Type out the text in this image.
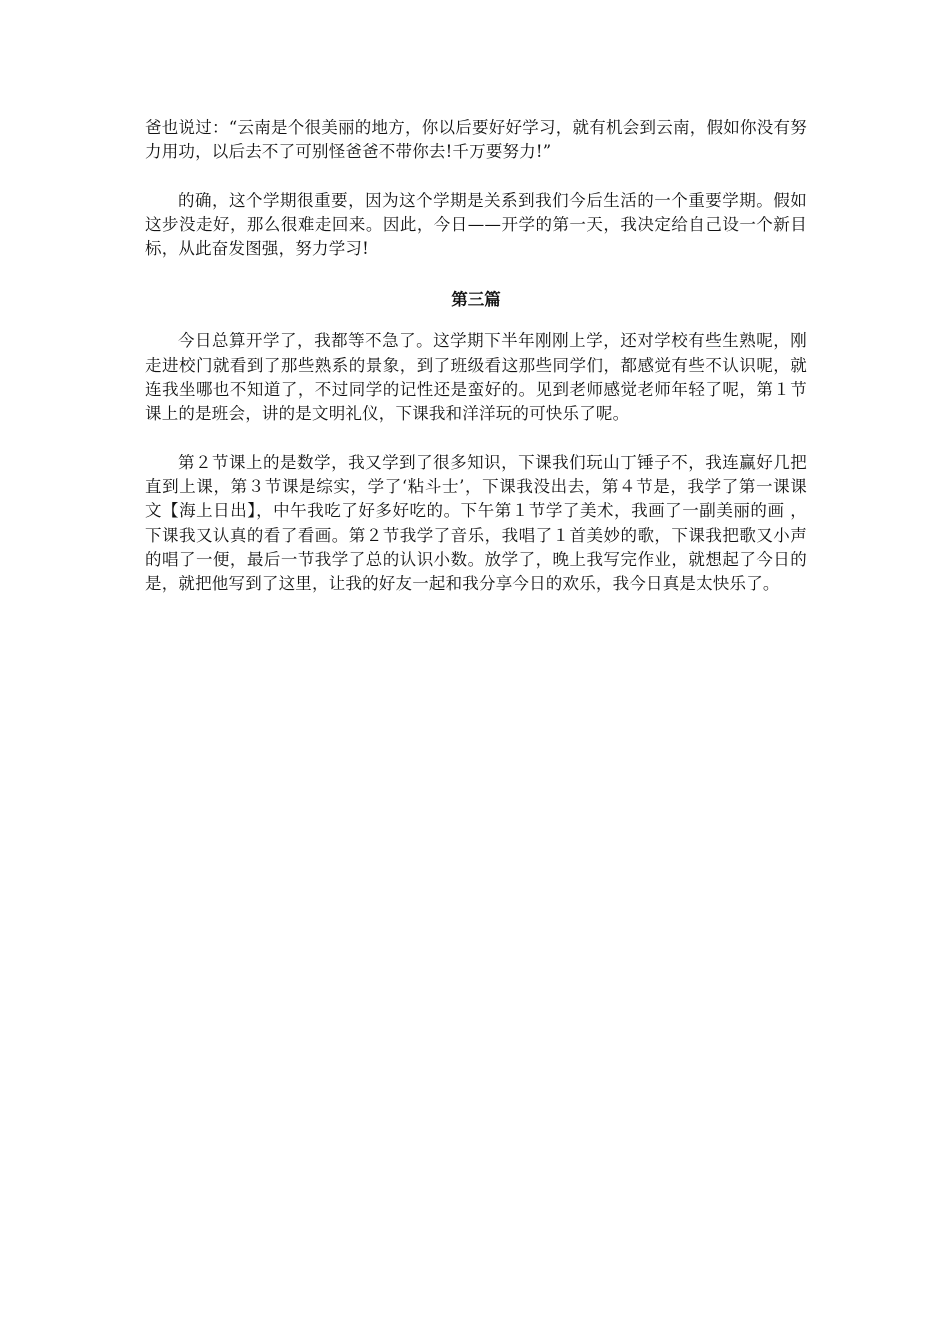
爸也说过：“云南是个很美丽的地方，你以后要好好学习，就有机会到云南，假如你没有努力用功，以后去不了可别怪爸爸不带你去!千万要努力!”

的确，这个学期很重要，因为这个学期是关系到我们今后生活的一个重要学期。假如这步没走好，那么很难走回来。因此，今日——开学的第一天，我决定给自己设一个新目标，从此奋发图强，努力学习!

第三篇

今日总算开学了，我都等不急了。这学期下半年刚刚上学，还对学校有些生熟呢，刚走进校门就看到了那些熟系的景象，到了班级看这那些同学们，都感觉有些不认识呢，就连我坐哪也不知道了，不过同学的记性还是蛮好的。见到老师感觉老师年轻了呢，第１节课上的是班会，讲的是文明礼仪，下课我和洋洋玩的可快乐了呢。

第２节课上的是数学，我又学到了很多知识，下课我们玩山丁锤子不，我连赢好几把直到上课，第３节课是综实，学了‘粘斗士’，下课我没出去，第４节是，我学了第一课课文【海上日出】，中午我吃了好多好吃的。下午第１节学了美术，我画了一副美丽的画 ，下课我又认真的看了看画。第２节我学了音乐，我唱了１首美妙的歌，下课我把歌又小声的唱了一便，最后一节我学了总的认识小数。放学了，晚上我写完作业，就想起了今日的是，就把他写到了这里，让我的好友一起和我分享今日的欢乐，我今日真是太快乐了。
